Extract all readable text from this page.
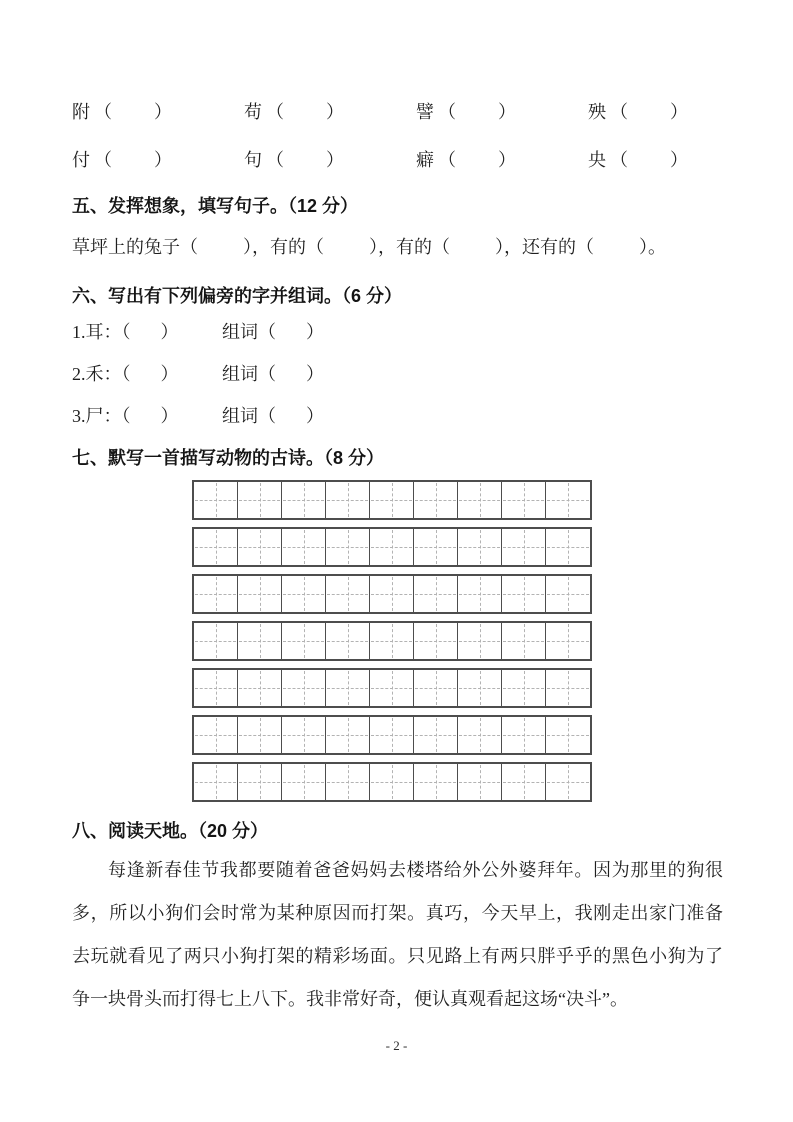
附 （ ）	苟 （ ）	譬 （ ）	殃 （ ）
付 （ ）	句 （ ）	癖 （ ）	央 （ ）
五、发挥想象，填写句子。（12 分）
草坪上的兔子（	），有的（	），有的（	），还有的（	）。
六、写出有下列偏旁的字并组词。（6 分）
1.耳：（ ） 组词（ ）
2.禾：（ ） 组词（ ）
3.尸：（ ） 组词（ ）
七、默写一首描写动物的古诗。（8 分）
八、阅读天地。（20 分）
每逢新春佳节我都要随着爸爸妈妈去楼塔给外公外婆拜年。因为那里的狗很
多，所以小狗们会时常为某种原因而打架。真巧，今天早上，我刚走出家门准备
去玩就看见了两只小狗打架的精彩场面。只见路上有两只胖乎乎的黑色小狗为了
争一块骨头而打得七上八下。我非常好奇，便认真观看起这场“决斗”。
- 2 -
